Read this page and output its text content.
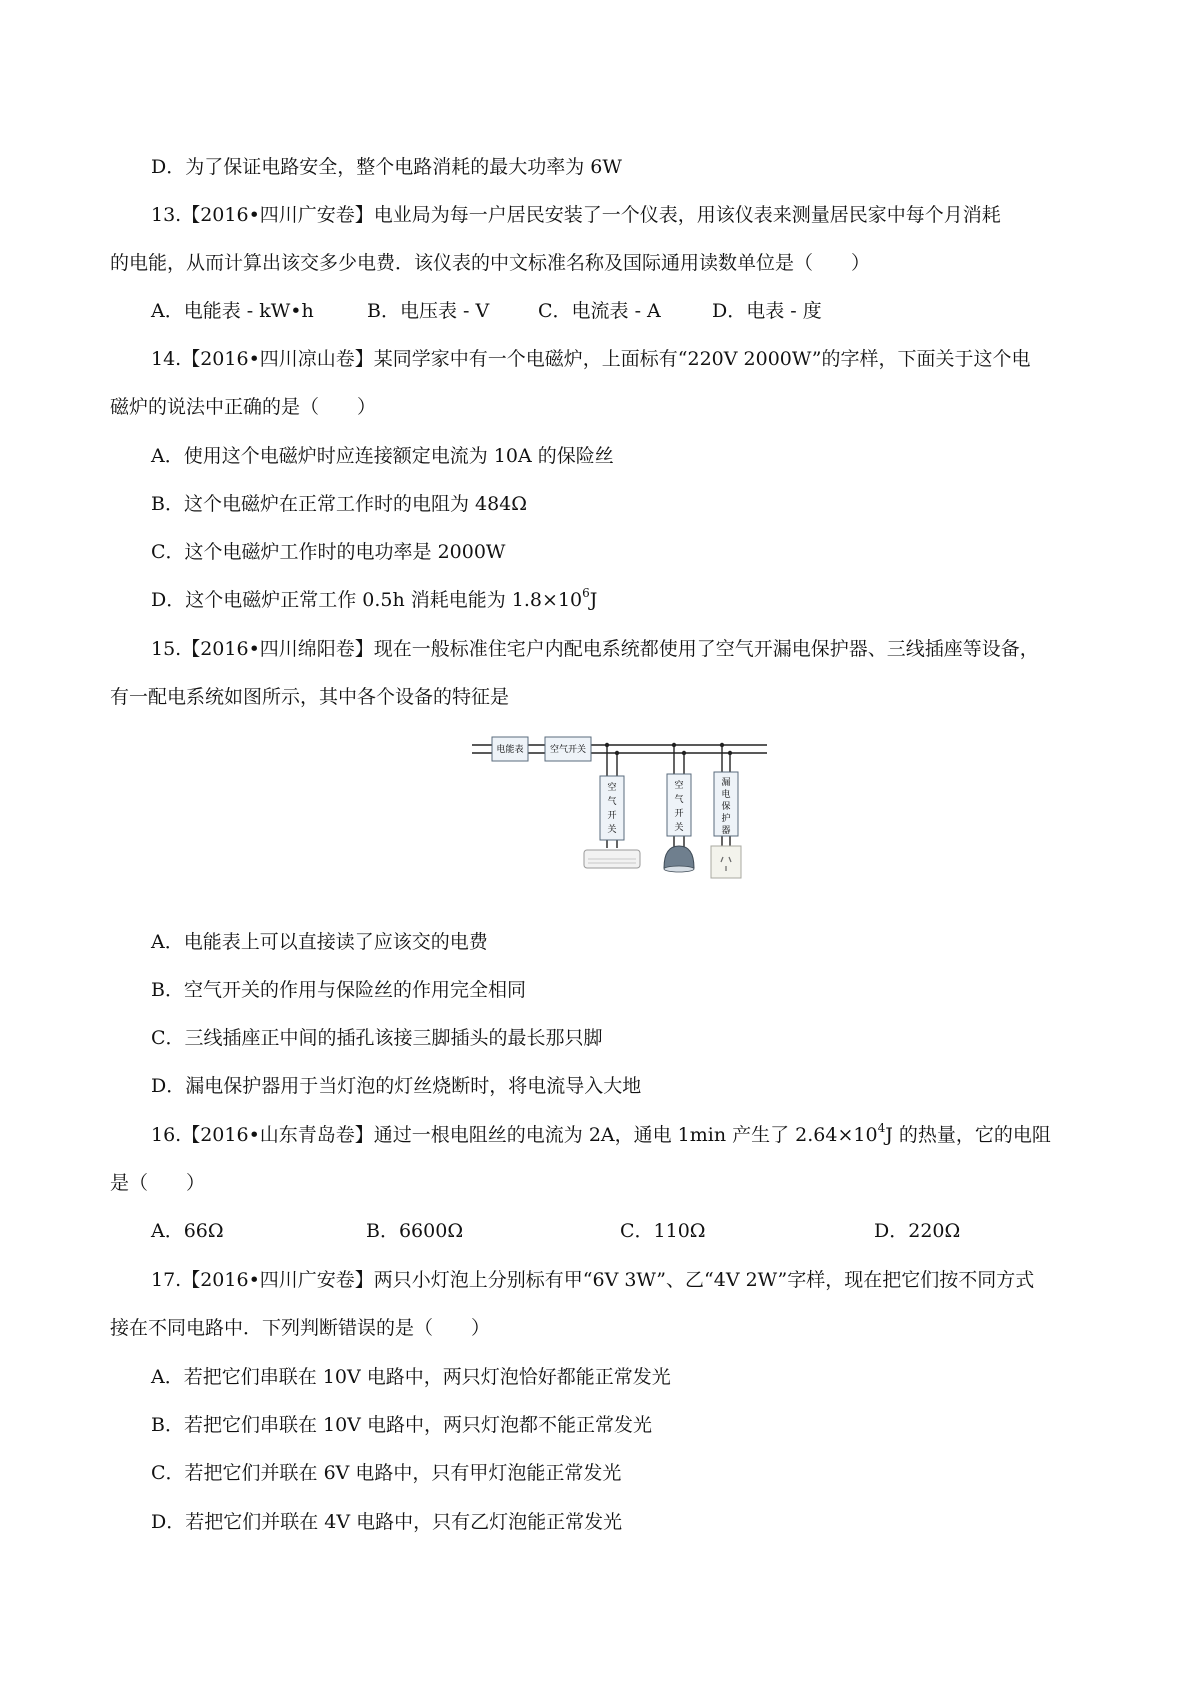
D．为了保证电路安全，整个电路消耗的最大功率为 6W
13.【2016•四川广安卷】电业局为每一户居民安装了一个仪表，用该仪表来测量居民家中每个月消耗
的电能，从而计算出该交多少电费．该仪表的中文标准名称及国际通用读数单位是（　　）
A．电能表 - kW•h	B．电压表 - V	C．电流表 - A	D．电表 - 度
14.【2016•四川凉山卷】某同学家中有一个电磁炉，上面标有“220V 2000W”的字样，下面关于这个电
磁炉的说法中正确的是（　　）
A．使用这个电磁炉时应连接额定电流为 10A 的保险丝
B．这个电磁炉在正常工作时的电阻为 484Ω
C．这个电磁炉工作时的电功率是 2000W
D．这个电磁炉正常工作 0.5h 消耗电能为 $1.8\times 10^6J$
15.【2016•四川绵阳卷】现在一般标准住宅户内配电系统都使用了空气开漏电保护器、三线插座等设备，
有一配电系统如图所示，其中各个设备的特征是
电能表	空气开关
空气开关
空气开关
漏电保护器
A．电能表上可以直接读了应该交的电费
B．空气开关的作用与保险丝的作用完全相同
C．三线插座正中间的插孔该接三脚插头的最长那只脚
D．漏电保护器用于当灯泡的灯丝烧断时，将电流导入大地
16.【2016•山东青岛卷】通过一根电阻丝的电流为 2A，通电 1min 产生了 $2.64\times 10^4J$ 的热量，它的电阻
是（　　）
A．66Ω	B．6600Ω	C．110Ω	D．220Ω
17.【2016•四川广安卷】两只小灯泡上分别标有甲“6V 3W”、乙“4V 2W”字样，现在把它们按不同方式
接在不同电路中．下列判断错误的是（　　）
A．若把它们串联在 10V 电路中，两只灯泡恰好都能正常发光
B．若把它们串联在 10V 电路中，两只灯泡都不能正常发光
C．若把它们并联在 6V 电路中，只有甲灯泡能正常发光
D．若把它们并联在 4V 电路中，只有乙灯泡能正常发光
